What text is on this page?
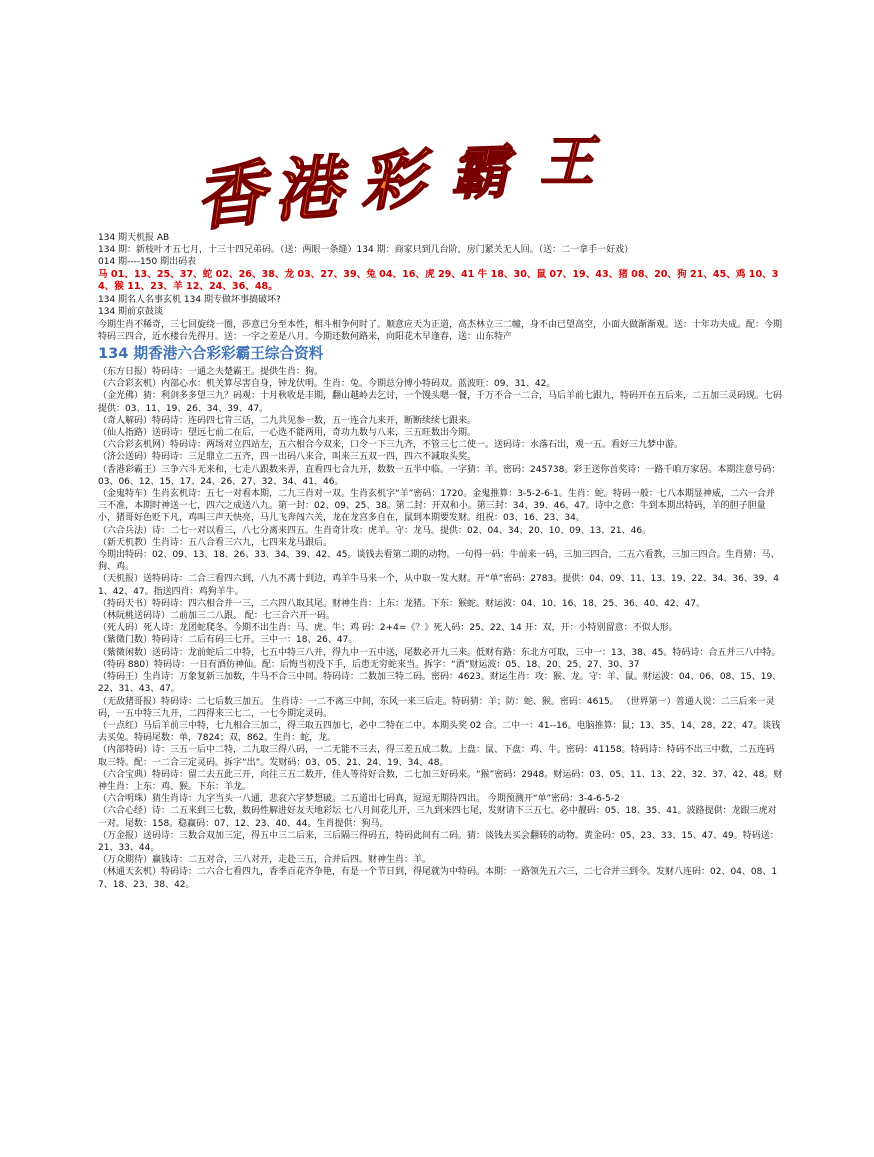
香 港 彩 霸 王

134 期天机报 AB

134 期：新枝叶才五七月，十三十四兄弟码。（送：两眼一条缝）134 期：商家只到几台阶，房门紧关无人回。（送：二一拿手一好戏）

014 期----150 期出码表

马 01、13、25、37、蛇 02、26、38、龙 03、27、39、兔 04、16、虎 29、41 牛 18、30、鼠 07、19、43、猪 08、20、狗 21、45、鸡 10、34、猴 11、23、羊 12、24、36、48。

134 期名人名事玄机 134 期专做坏事搞破坏?

134 期前京鼓谈

今期生肖不稀奇，三七回旋绕一圈，莎意已分至本性，相斗相争何时了。顺意应天为正道，高杰林立三二幢，身不由已望高空，小面大做渐渐观。送：十年功夫成。配：今期特码三四合，近水楼台先得月。送：一字之差是八月。今期还数何路来，向阳花木早逢春，送：山东特产

134 期香港六合彩彩霸王综合资料

（东方日报）特码诗：一通之夫楚霸王。提供生肖：狗。

（六合彩玄机）内部心水：机关算尽害自身，钟龙伏明。生肖：兔。今期总分博小特码双。蓝波旺：09、31、42。

（金光佛）猜：利剑多多望三九？码观：十月秋收是丰期，翻山越岭去乞讨，一个馒头嗯一餐，千万不合一二合，马后羊前七跟九，特码开在五后来，二五加三灵码现。七码提供：03、11、19、26、34、39、47。

（奇人解码）特码诗：连码四七肯三话，二九共见参一数，五一连合九来开，断断续续七跟来。

（仙人指路）送码诗：望远七前二在后，一心选不能两用，奇功九数与八来，三五旺数出今期。

（六合彩玄机网）特码诗：两场对立四站左，五六相合今双来，口令一下三九齐，不管三七二使一。送码诗：水落石出，观一五。看好三九梦中游。

（济公送码）特码诗：三足鼎立二五齐，四一出码八来合，叫来三五双一四，四六不减取头奖。

（香港彩霸王）三争六斗无来和，七走八跟数来弄，直看四七合九开，数数一五半中临。一字猜：羊。密码：245738。彩王送你首奖诗：一路千咱万家居。本期注意号码：03、06、12、15、17、24、26、27、32、34、41、46。

（金鬼特车）生肖玄机诗：五七一对看本期，二九三肖对一双。生肖玄机字“羊”密码：1720。金鬼推算：3-5-2-6-1。生肖：蛇。特码一般：七八本期显神威，二六一合并三不准，本期时神送一七，四六之成送八九。第一封：02、09、25、38。第二封：开双和小。第三封：34、39、46、47。诗中之意：牛到本期出特码，羊的胆子胆量小，猪哥好色贬下凡，鸡叫三声天快亮，马儿飞奔闯六关，龙在龙宫多自在，鼠到本期要发财。组祝：03、16、23、34。

（六合兵法）诗：二七一对以看三，八七分离来四五。生肖奇计攻：虎羊。守：龙马。提供：02、04、34、20、10、09、13、21、46。

（新天机教）生肖诗：五八合看三六九，七四来龙马跟后。

今期出特码：02、09、13、18、26、33、34、39、42、45。谈钱去看第二期的动物。一句得一码：牛前来一码，三加三四合，二五六看教，三加三四合。生肖猜：马、狗、鸡。

（天机报）送特码诗：二合三看四六到，八九不离十到边，鸡羊牛马来一个，从中取一发大财。开“单”密码：2783。提供：04、09、11、13、19、22、34、36、39、41、42、47。指送四肖：鸡狗羊牛。

（特码天书）特码诗：四六相合并一三，二六四八取其尾。财神生肖：上东：龙猪。下东：猴蛇。财运波：04、10、16、18、25、36、40、42、47。

（林阮桃送码诗）二前加三二八跟。 配：七三合六开一码。

（死人码）死人诗：龙团蛇爬冬。今期不出生肖：马、虎、牛；鸡 码：2+4=《？》死人码：25、22、14 开：双，开：小特别留意：不似人形。

（紫微门数）特码诗：二后有码三七开。三中一：18、26、47。

（紫微闲数）送码诗：龙前蛇后二中特，七五中特三八并，得九中一五中送，尾数必开九三来。低财有路：东北方可取，三中一：13、38、45。特码诗：合五并三八中特。

（特码 880）特码诗：一日有酒仿神仙。配：后悔当初没下手，后患无穷蛇来当。拆字：“酒”财运波：05、18、20、25、27、30、37

（特码王）生肖诗：万象复新三加数，牛马不合三中同。特码诗：二数加三特二码。密码：4623。财运生肖：攻：猴、龙。守：羊、鼠。财运波：04、06、08、15、19、22、31、43、47。

（无敌猪哥报）特码诗：二七后数三加五。 生肖诗：一二不离三中间，东风一来三后走。特码猜：羊；防：蛇、猴。密码：4615。 （世界第一）普通人说：二三后来一灵码，一五中特三九开，二四得来三七二，一七今期定灵码。

（一点红）马后羊前三中特，七九相合三加二，得三取五四加七，必中二特在二中。本期头奖 02 合。二中一：41--16。电脑推算：鼠；13、35、14、28、22、47。谈钱去买兔。特码尾数：单，7824；双，862。生肖：蛇，龙。

（内部特码）诗：三五一后中二特，二九取三得八码，一二无能不三去，得三差五成二数。上盘：鼠、下盘：鸡、牛。密码：41158。特码诗：特码不出三中数，二五连码取三特。配：一二合三定灵码。拆字“出”。发财码：03、05、21、24、19、34、48。

（六合宝典）特码诗：留二去五此三开，向往三五二数开，佳人等待好合数，二七加三好码来。“猴”密码：2948。财运码：03、05、11、13、22、32、37、42、48。财神生肖：上东：鸡、猴。下东：羊龙。

（六合明珠）猜生肖诗：九字当头一八通，悲哀六字梦想破。二五道出七码真，逗逗无期待四出。 今期预测开“单”密码：3-4-6-5-2

（六合心经）诗：二五来到三七数，数码性解进好友天地彩坛 七八月间花儿开，三九到来四七尾，发财请下三五七。必中靓码：05、18、35、41。波路提供：龙跟三虎对一对。尾数：158。稳赢码：07、12、23、40、44。生肖提供：狗马。

（万金报）送码诗：三数合双加三定，得五中三二后来，三后隔三得码五，特码此间有二码。猜：谈钱去买会翻转的动物。黄金码：05、23、33、15、47、49。特码送：21、33、44。

（万众期待）赢钱诗：二五对合，三八对开，走赴三五，合并后四。财神生肖：羊。

（林通天玄机）特码诗：二六合七看四九，香季百花齐争艳，有是一个节日到，得尾就为中特码。本期：一路领先五六三，二七合并三到今。发财八连码：02、04、08、17、18、23、38、42。
